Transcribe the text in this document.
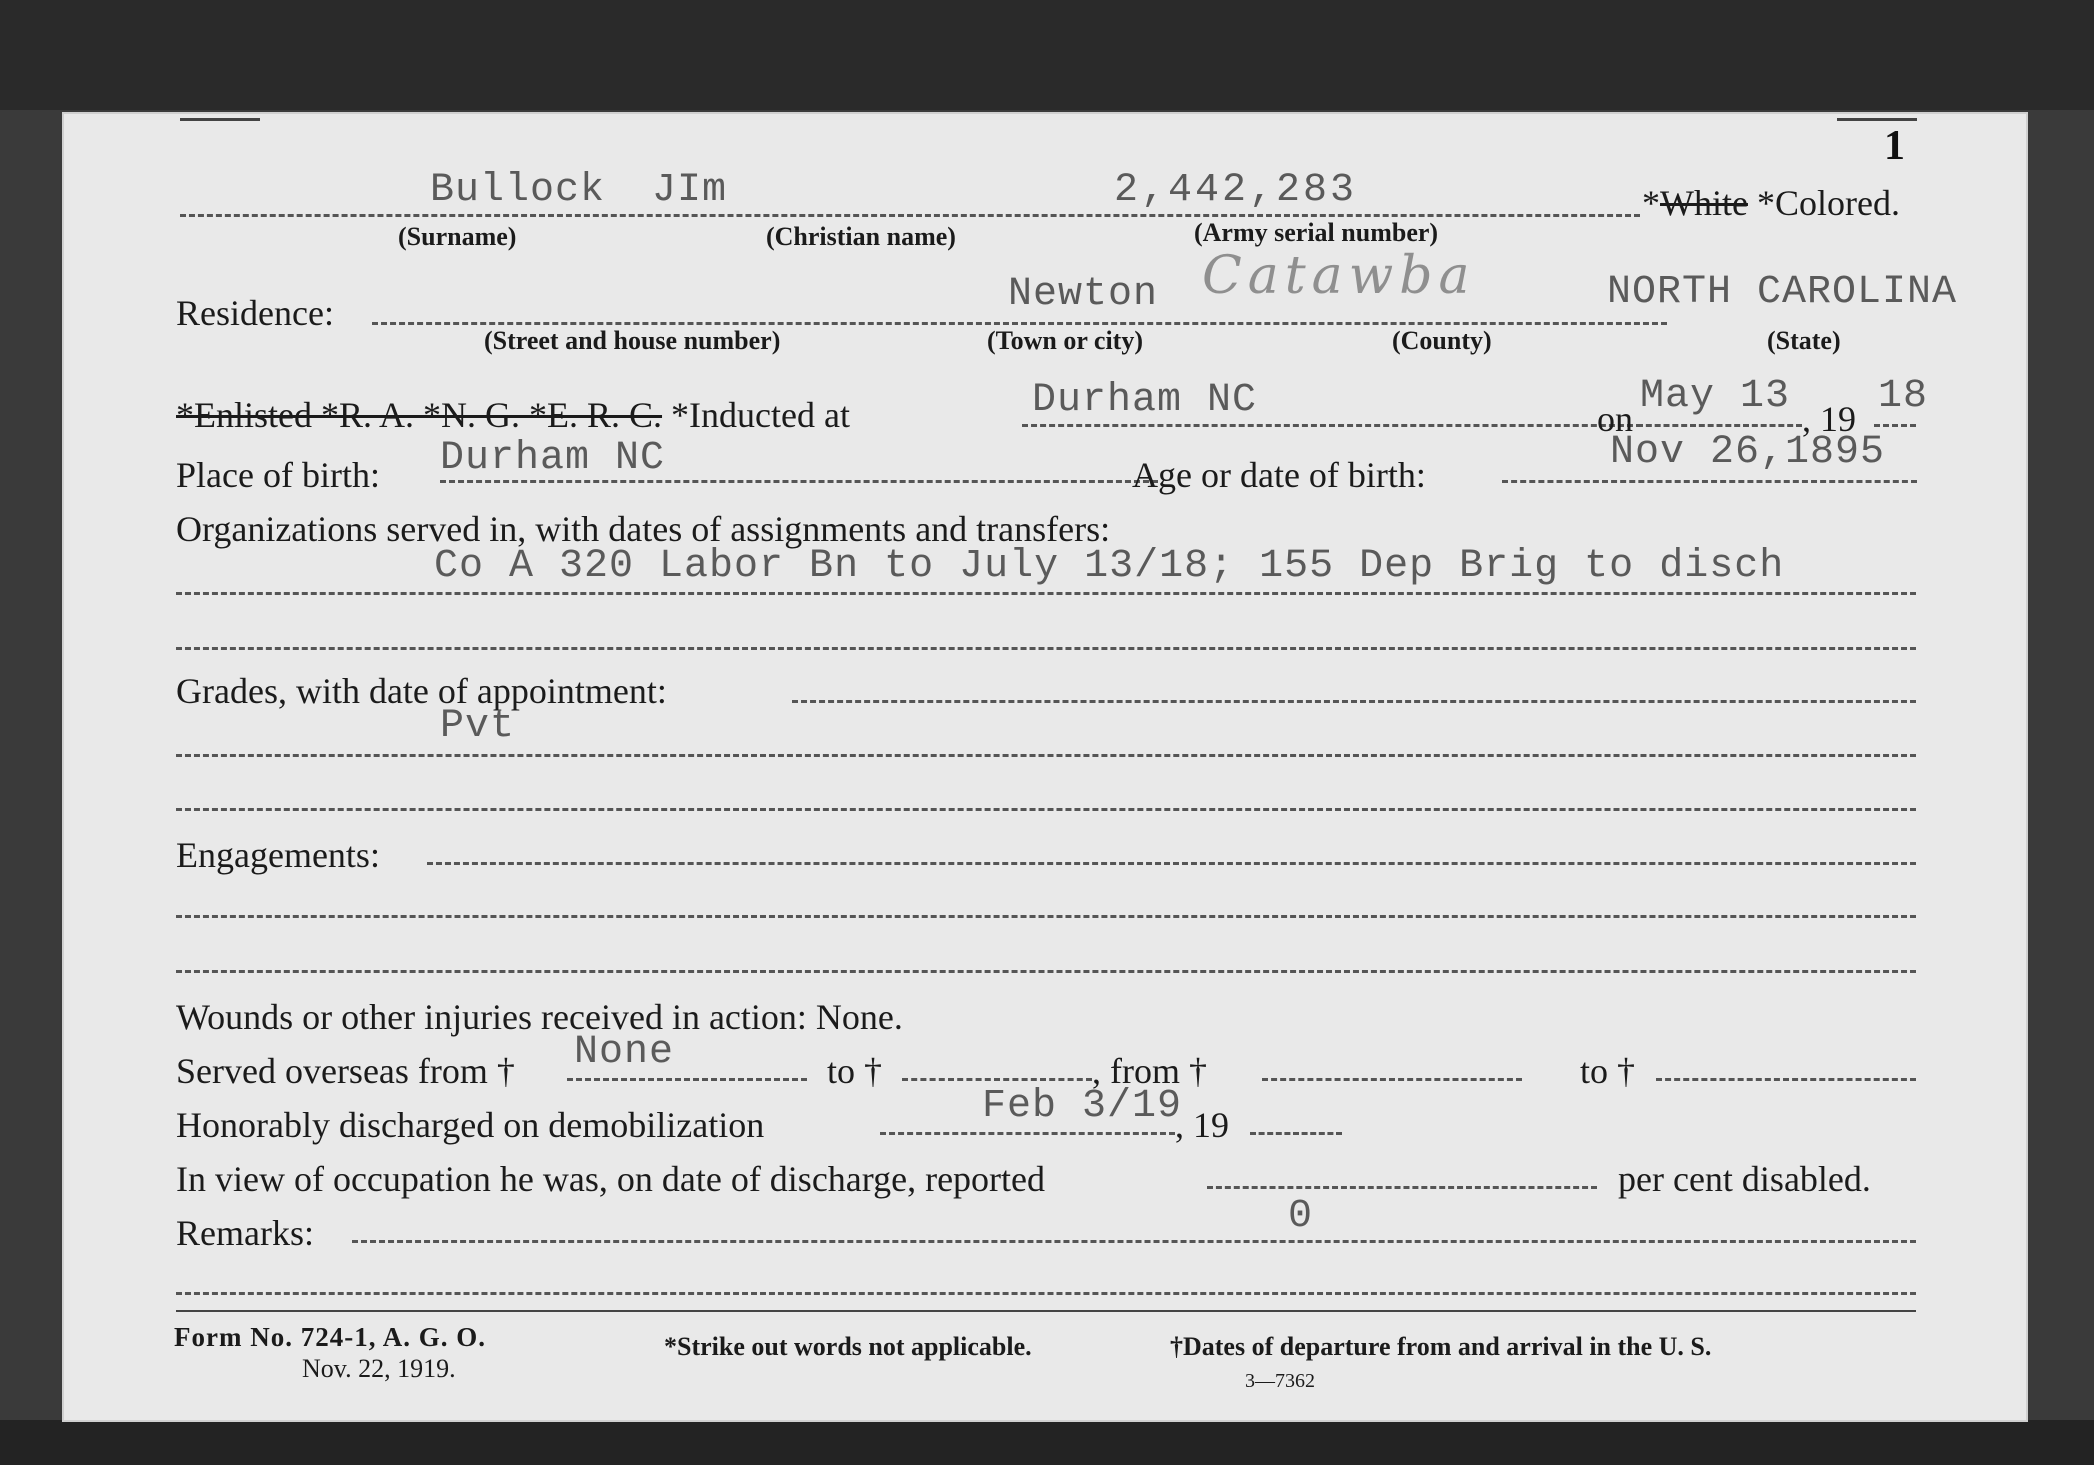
1
Bullock JIm	2,442,283	*White *Colored.
(Surname)	(Christian name)	(Army serial number)
Residence:	Newton Catawba	NORTH CAROLINA
(Street and house number)	(Town or city)	(County)	(State)
*Enlisted *R. A. *N. G. *E. R. C. *Inducted at	Durham NC	on May 13 , 19 18
Place of birth: Durham NC	Age or date of birth:	Nov 26,1895
Organizations served in, with dates of assignments and transfers:
Co A 320 Labor Bn to July 13/18; 155 Dep Brig to disch
Grades, with date of appointment:
Pvt
Engagements:
Wounds or other injuries received in action: None.
Served overseas from † None	to †	, from †	to †
Honorably discharged on demobilization	Feb 3/19
, 19
In view of occupation he was, on date of discharge, reported	per cent disabled.
Remarks:	0
Form No. 724-1, A. G. O.
Nov. 22, 1919.
*Strike out words not applicable.	†Dates of departure from and arrival in the U. S.
3—7362
